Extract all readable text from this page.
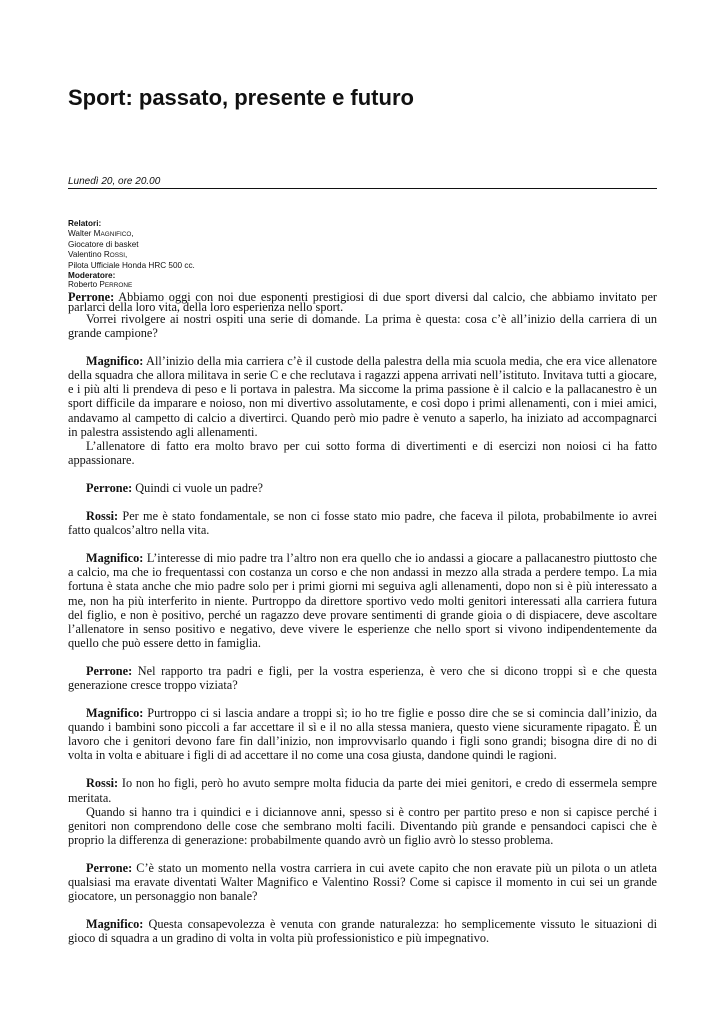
Sport: passato, presente e futuro
Lunedì 20, ore 20.00
Relatori:
Walter MAGNIFICO,
Giocatore di basket
Valentino ROSSI,
Pilota Ufficiale Honda HRC 500 cc.
Moderatore:
Roberto PERRONE

Perrone: Abbiamo oggi con noi due esponenti prestigiosi di due sport diversi dal calcio, che abbiamo invitato per parlarci della loro vita, della loro esperienza nello sport.

Vorrei rivolgere ai nostri ospiti una serie di domande. La prima è questa: cosa c’è all’inizio della carriera di un grande campione?

Magnifico: All’inizio della mia carriera c’è il custode della palestra della mia scuola media, che era vice allenatore della squadra che allora militava in serie C e che reclutava i ragazzi appena arrivati nell’istituto. Invitava tutti a giocare, e i più alti li prendeva di peso e li portava in palestra. Ma siccome la prima passione è il calcio e la pallacanestro è un sport difficile da imparare e noioso, non mi divertivo assolutamente, e così dopo i primi allenamenti, con i miei amici, andavamo al campetto di calcio a divertirci. Quando però mio padre è venuto a saperlo, ha iniziato ad accompagnarci in palestra assistendo agli allenamenti.

L’allenatore di fatto era molto bravo per cui sotto forma di divertimenti e di esercizi non noiosi ci ha fatto appassionare.

Perrone: Quindi ci vuole un padre?

Rossi: Per me è stato fondamentale, se non ci fosse stato mio padre, che faceva il pilota, probabilmente io avrei fatto qualcos’altro nella vita.

Magnifico: L’interesse di mio padre tra l’altro non era quello che io andassi a giocare a pallacanestro piuttosto che a calcio, ma che io frequentassi con costanza un corso e che non andassi in mezzo alla strada a perdere tempo. La mia fortuna è stata anche che mio padre solo per i primi giorni mi seguiva agli allenamenti, dopo non si è più interessato a me, non ha più interferito in niente. Purtroppo da direttore sportivo vedo molti genitori interessati alla carriera futura del figlio, e non è positivo, perché un ragazzo deve provare sentimenti di grande gioia o di dispiacere, deve ascoltare l’allenatore in senso positivo e negativo, deve vivere le esperienze che nello sport si vivono indipendentemente da quello che può essere detto in famiglia.

Perrone: Nel rapporto tra padri e figli, per la vostra esperienza, è vero che si dicono troppi sì e che questa generazione cresce troppo viziata?

Magnifico: Purtroppo ci si lascia andare a troppi sì; io ho tre figlie e posso dire che se si comincia dall’inizio, da quando i bambini sono piccoli a far accettare il sì e il no alla stessa maniera, questo viene sicuramente ripagato. È un lavoro che i genitori devono fare fin dall’inizio, non improvvisarlo quando i figli sono grandi; bisogna dire di no di volta in volta e abituare i figli di ad accettare il no come una cosa giusta, dandone quindi le ragioni.

Rossi: Io non ho figli, però ho avuto sempre molta fiducia da parte dei miei genitori, e credo di essermela sempre meritata.

Quando si hanno tra i quindici e i diciannove anni, spesso si è contro per partito preso e non si capisce perché i genitori non comprendono delle cose che sembrano molti facili. Diventando più grande e pensandoci capisci che è proprio la differenza di generazione: probabilmente quando avrò un figlio avrò lo stesso problema.

Perrone: C’è stato un momento nella vostra carriera in cui avete capito che non eravate più un pilota o un atleta qualsiasi ma eravate diventati Walter Magnifico e Valentino Rossi? Come si capisce il momento in cui sei un grande giocatore, un personaggio non banale?

Magnifico: Questa consapevolezza è venuta con grande naturalezza: ho semplicemente vissuto le situazioni di gioco di squadra a un gradino di volta in volta più professionistico e più impegnativo.
